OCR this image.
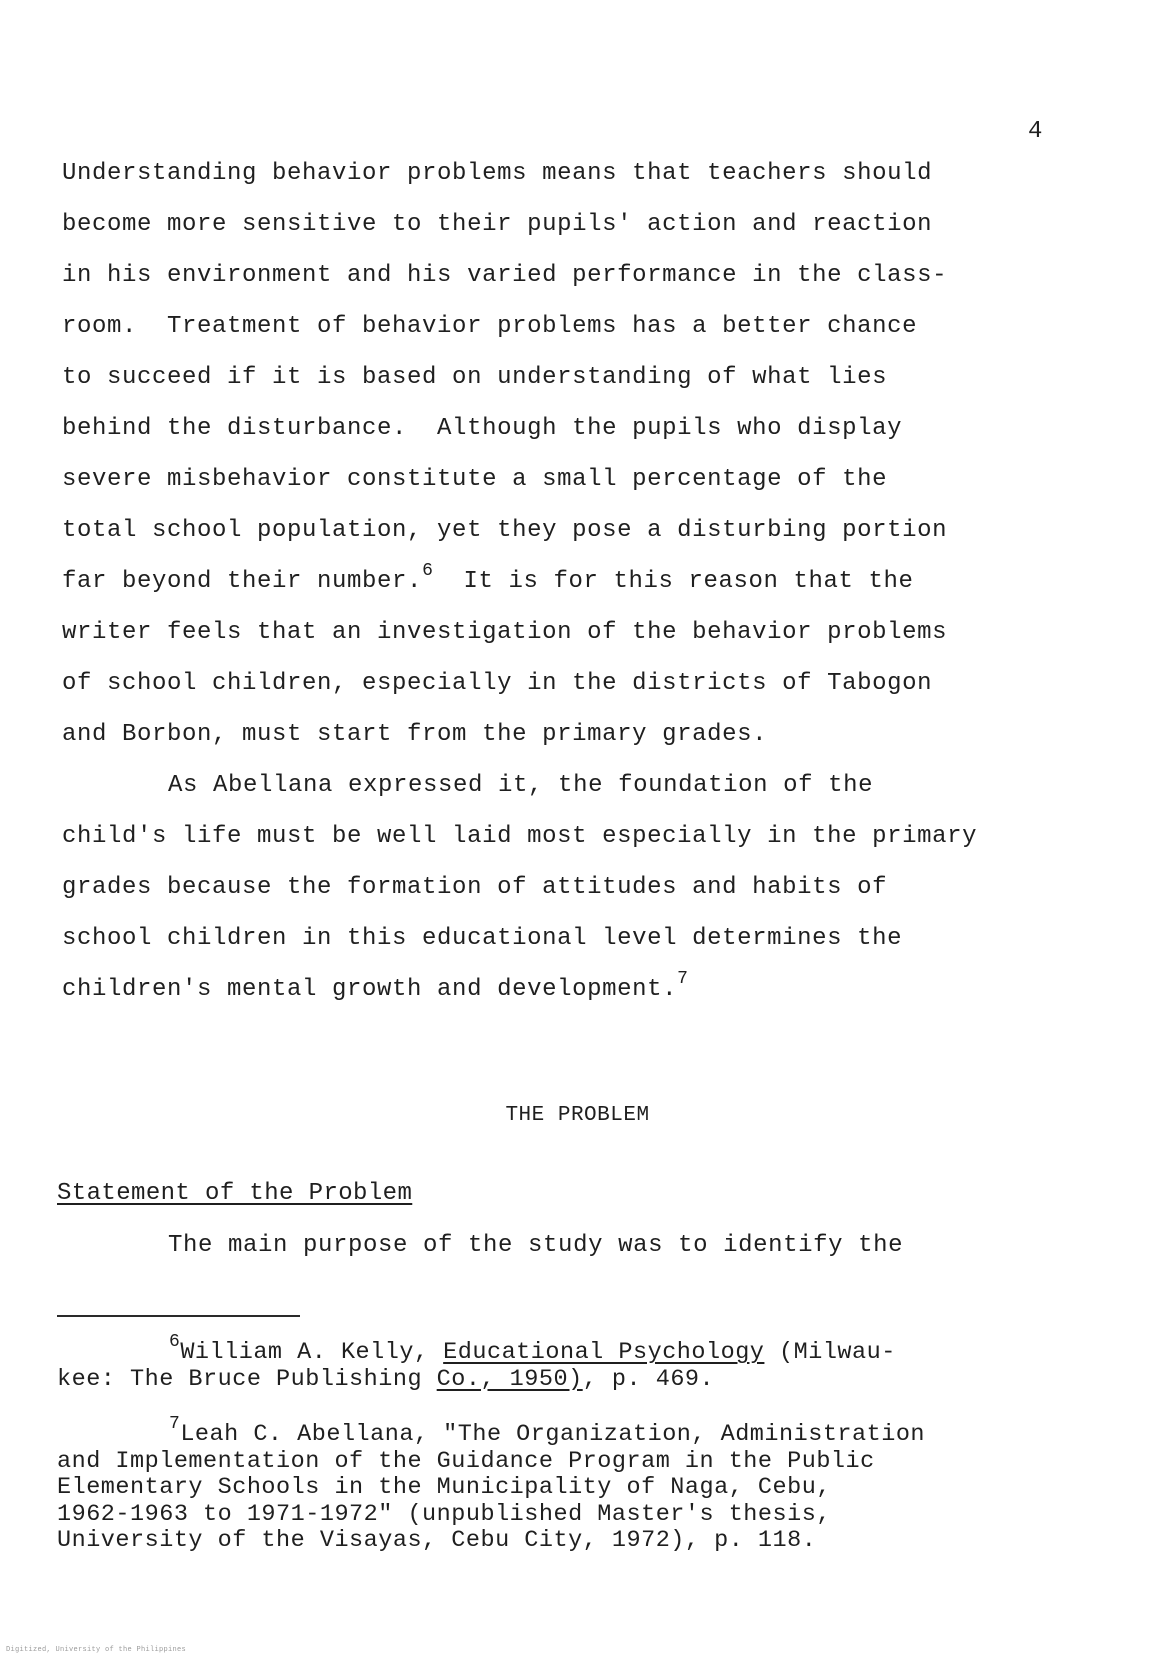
4
Understanding behavior problems means that teachers should
become more sensitive to their pupils' action and reaction
in his environment and his varied performance in the class-
room.  Treatment of behavior problems has a better chance
to succeed if it is based on understanding of what lies
behind the disturbance.  Although the pupils who display
severe misbehavior constitute a small percentage of the
total school population, yet they pose a disturbing portion
far beyond their number.$^6$  It is for this reason that the
writer feels that an investigation of the behavior problems
of school children, especially in the districts of Tabogon
and Borbon, must start from the primary grades.
As Abellana expressed it, the foundation of the
child's life must be well laid most especially in the primary
grades because the formation of attitudes and habits of
school children in this educational level determines the
children's mental growth and development.$^7$
THE PROBLEM
Statement of the Problem
The main purpose of the study was to identify the
$^6$William A. Kelly, Educational Psychology (Milwau-
kee: The Bruce Publishing Co., 1950), p. 469.
$^7$Leah C. Abellana, "The Organization, Administration
and Implementation of the Guidance Program in the Public
Elementary Schools in the Municipality of Naga, Cebu,
1962-1963 to 1971-1972" (unpublished Master's thesis,
University of the Visayas, Cebu City, 1972), p. 118.
Digitized, University of the Philippines
